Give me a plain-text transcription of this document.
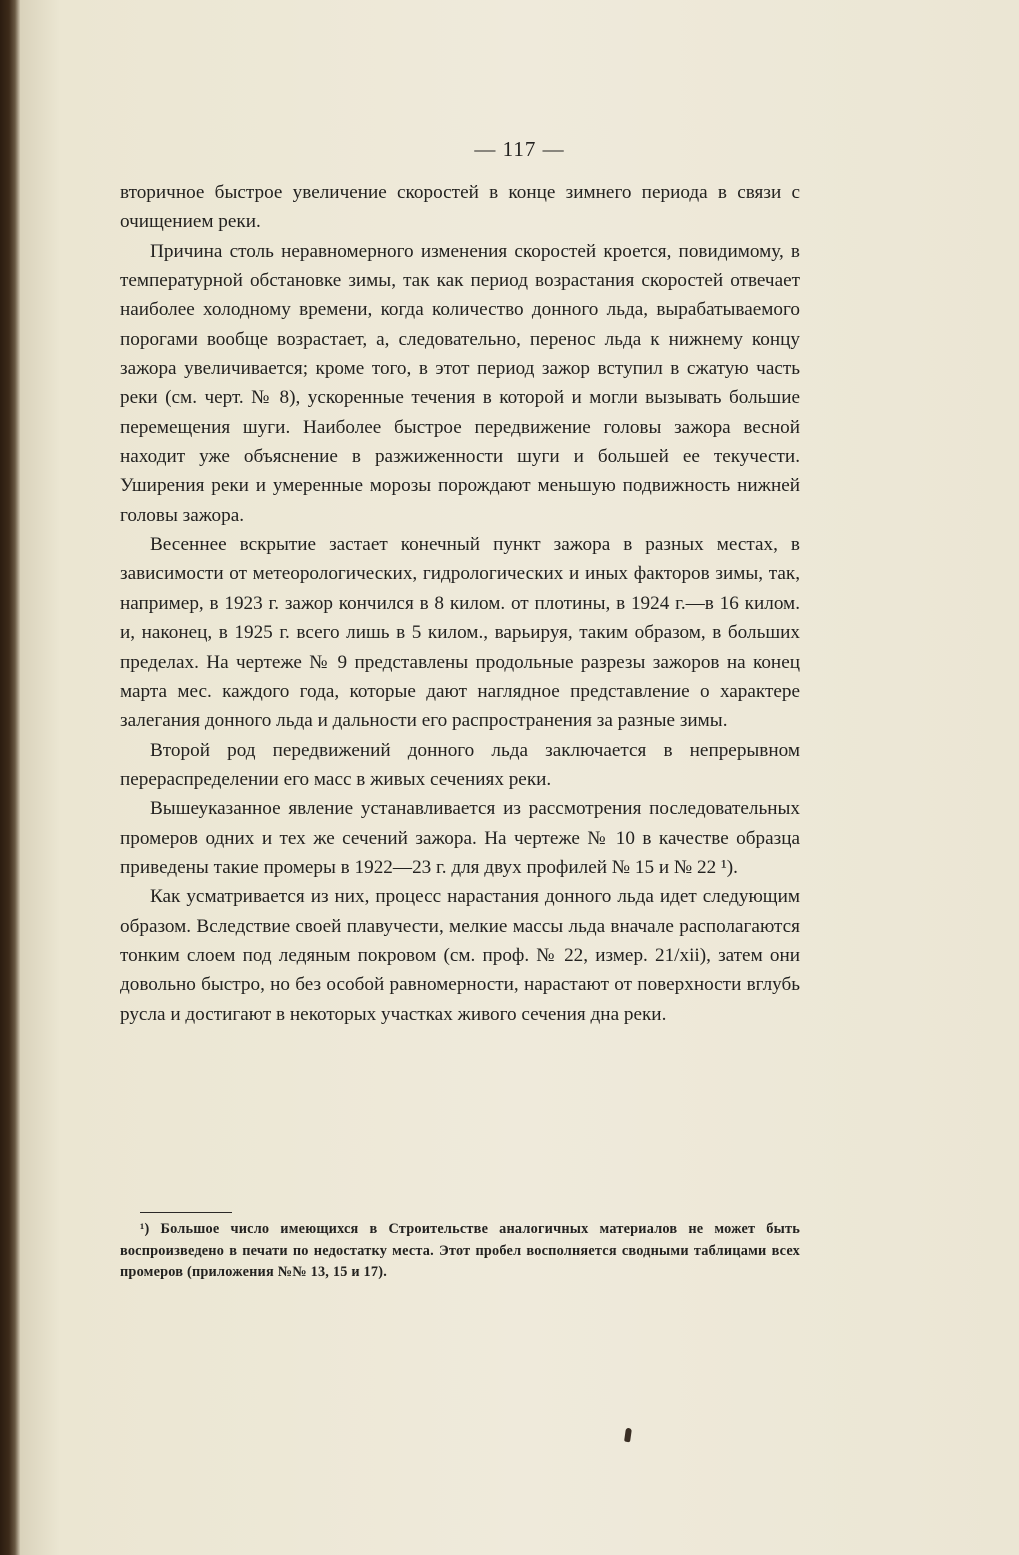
— 117 —

вторичное быстрое увеличение скоростей в конце зимнего периода в связи с очищением реки.

Причина столь неравномерного изменения скоростей кроется, повидимому, в температурной обстановке зимы, так как период возрастания скоростей отвечает наиболее холодному времени, когда количество донного льда, вырабатываемого порогами вообще возрастает, а, следовательно, перенос льда к нижнему концу зажора увеличивается; кроме того, в этот период зажор вступил в сжатую часть реки (см. черт. № 8), ускоренные течения в которой и могли вызывать большие перемещения шуги. Наиболее быстрое передвижение головы зажора весной находит уже объяснение в разжиженности шуги и большей ее текучести. Уширения реки и умеренные морозы порождают меньшую подвижность нижней головы зажора.

Весеннее вскрытие застает конечный пункт зажора в разных местах, в зависимости от метеорологических, гидрологических и иных факторов зимы, так, например, в 1923 г. зажор кончился в 8 килом. от плотины, в 1924 г.—в 16 килом. и, наконец, в 1925 г. всего лишь в 5 килом., варьируя, таким образом, в больших пределах. На чертеже № 9 представлены продольные разрезы зажоров на конец марта мес. каждого года, которые дают наглядное представление о характере залегания донного льда и дальности его распространения за разные зимы.

Второй род передвижений донного льда заключается в непрерывном перераспределении его масс в живых сечениях реки.

Вышеуказанное явление устанавливается из рассмотрения последовательных промеров одних и тех же сечений зажора. На чертеже № 10 в качестве образца приведены такие промеры в 1922—23 г. для двух профилей № 15 и № 22 ¹).

Как усматривается из них, процесс нарастания донного льда идет следующим образом. Вследствие своей плавучести, мелкие массы льда вначале располагаются тонким слоем под ледяным покровом (см. проф. № 22, измер. 21/xii), затем они довольно быстро, но без особой равномерности, нарастают от поверхности вглубь русла и достигают в некоторых участках живого сечения дна реки.

¹) Большое число имеющихся в Строительстве аналогичных материалов не может быть воспроизведено в печати по недостатку места. Этот пробел восполняется сводными таблицами всех промеров (приложения №№ 13, 15 и 17).
